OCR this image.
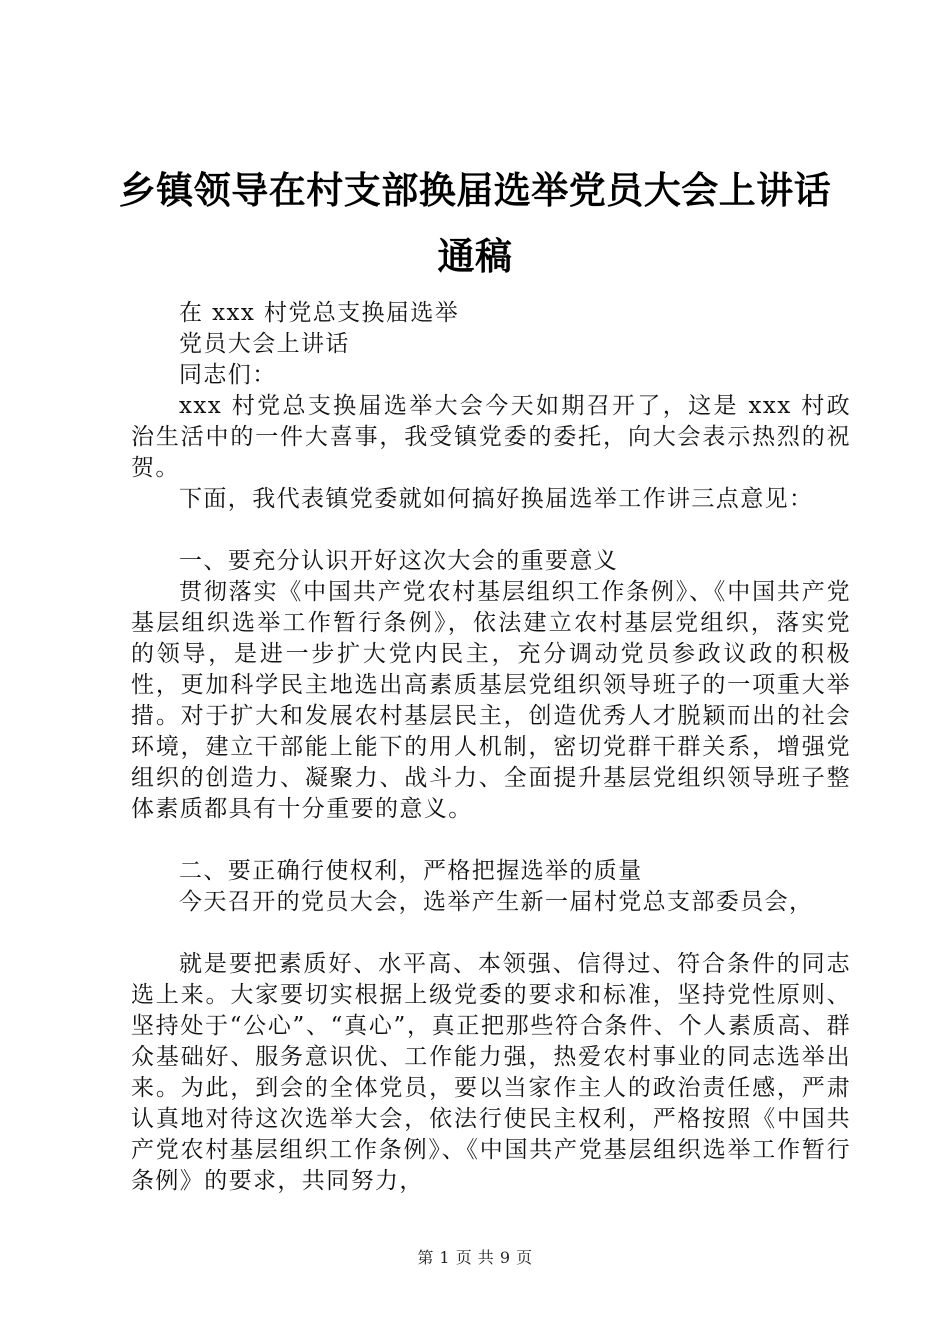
乡镇领导在村支部换届选举党员大会上讲话通稿

在 xxx 村党总支换届选举

党员大会上讲话

同志们：

xxx 村党总支换届选举大会今天如期召开了，这是 xxx 村政治生活中的一件大喜事，我受镇党委的委托，向大会表示热烈的祝贺。

下面，我代表镇党委就如何搞好换届选举工作讲三点意见：

一、要充分认识开好这次大会的重要意义

贯彻落实《中国共产党农村基层组织工作条例》、《中国共产党基层组织选举工作暂行条例》，依法建立农村基层党组织，落实党的领导，是进一步扩大党内民主，充分调动党员参政议政的积极性，更加科学民主地选出高素质基层党组织领导班子的一项重大举措。对于扩大和发展农村基层民主，创造优秀人才脱颖而出的社会环境，建立干部能上能下的用人机制，密切党群干群关系，增强党组织的创造力、凝聚力、战斗力、全面提升基层党组织领导班子整体素质都具有十分重要的意义。

二、要正确行使权利，严格把握选举的质量

今天召开的党员大会，选举产生新一届村党总支部委员会，

就是要把素质好、水平高、本领强、信得过、符合条件的同志选上来。大家要切实根据上级党委的要求和标准，坚持党性原则、坚持处于“公心”、“真心”，真正把那些符合条件、个人素质高、群众基础好、服务意识优、工作能力强，热爱农村事业的同志选举出来。为此，到会的全体党员，要以当家作主人的政治责任感，严肃认真地对待这次选举大会，依法行使民主权利，严格按照《中国共产党农村基层组织工作条例》、《中国共产党基层组织选举工作暂行条例》的要求，共同努力，

第 1 页 共 9 页
